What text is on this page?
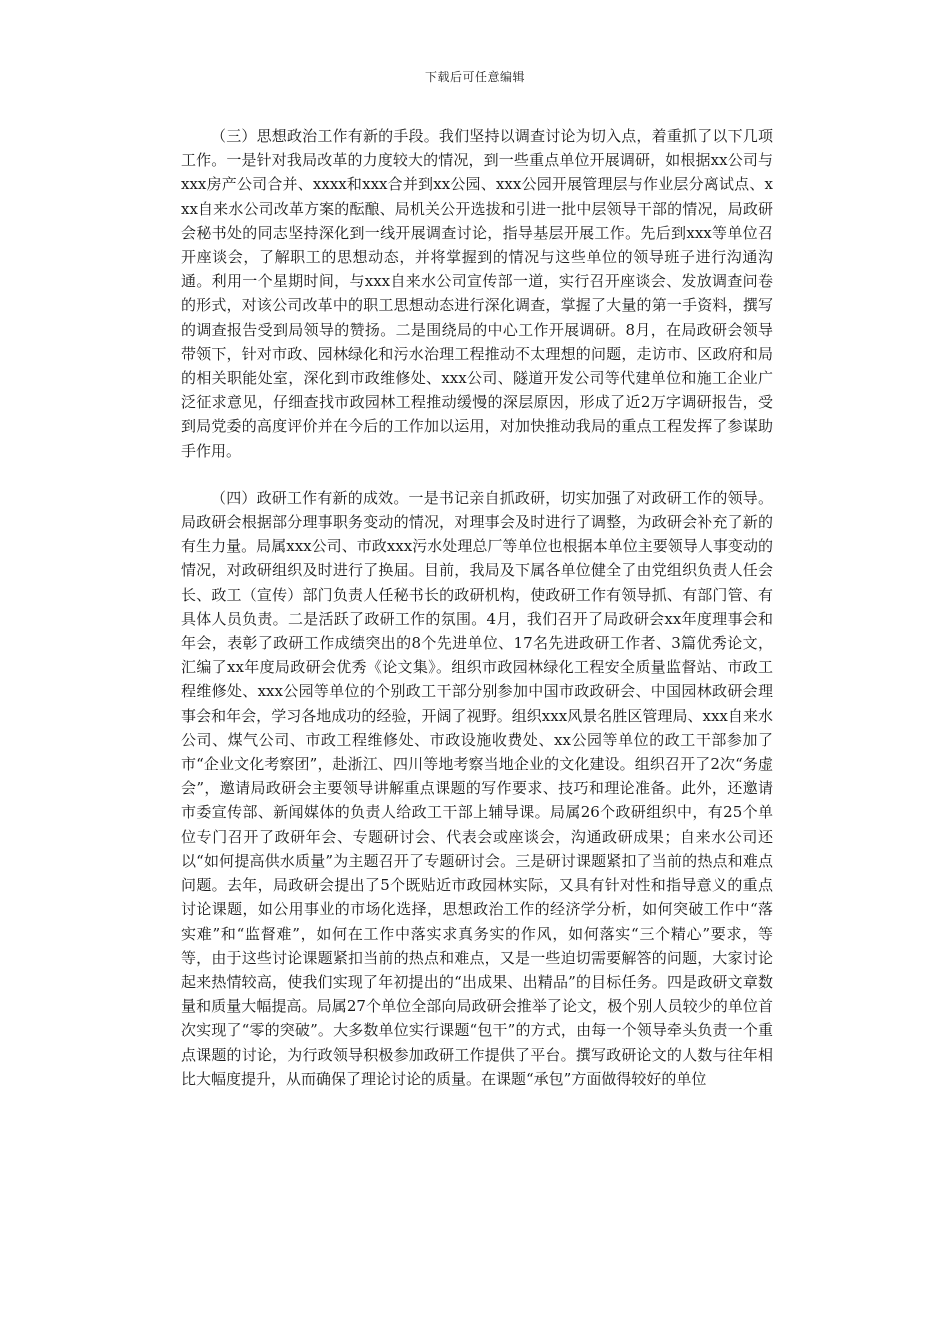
下载后可任意编辑

（三）思想政治工作有新的手段。我们坚持以调查讨论为切入点，着重抓了以下几项工作。一是针对我局改革的力度较大的情况，到一些重点单位开展调研，如根据xx公司与xxx房产公司合并、xxxx和xxx合并到xx公园、xxx公园开展管理层与作业层分离试点、xxx自来水公司改革方案的酝酿、局机关公开选拔和引进一批中层领导干部的情况，局政研会秘书处的同志坚持深化到一线开展调查讨论，指导基层开展工作。先后到xxx等单位召开座谈会，了解职工的思想动态，并将掌握到的情况与这些单位的领导班子进行沟通沟通。利用一个星期时间，与xxx自来水公司宣传部一道，实行召开座谈会、发放调查问卷的形式，对该公司改革中的职工思想动态进行深化调查，掌握了大量的第一手资料，撰写的调查报告受到局领导的赞扬。二是围绕局的中心工作开展调研。8月，在局政研会领导带领下，针对市政、园林绿化和污水治理工程推动不太理想的问题，走访市、区政府和局的相关职能处室，深化到市政维修处、xxx公司、隧道开发公司等代建单位和施工企业广泛征求意见，仔细查找市政园林工程推动缓慢的深层原因，形成了近2万字调研报告，受到局党委的高度评价并在今后的工作加以运用，对加快推动我局的重点工程发挥了参谋助手作用。

（四）政研工作有新的成效。一是书记亲自抓政研，切实加强了对政研工作的领导。局政研会根据部分理事职务变动的情况，对理事会及时进行了调整，为政研会补充了新的有生力量。局属xxx公司、市政xxx污水处理总厂等单位也根据本单位主要领导人事变动的情况，对政研组织及时进行了换届。目前，我局及下属各单位健全了由党组织负责人任会长、政工（宣传）部门负责人任秘书长的政研机构，使政研工作有领导抓、有部门管、有具体人员负责。二是活跃了政研工作的氛围。4月，我们召开了局政研会xx年度理事会和年会，表彰了政研工作成绩突出的8个先进单位、17名先进政研工作者、3篇优秀论文，汇编了xx年度局政研会优秀《论文集》。组织市政园林绿化工程安全质量监督站、市政工程维修处、xxx公园等单位的个别政工干部分别参加中国市政政研会、中国园林政研会理事会和年会，学习各地成功的经验，开阔了视野。组织xxx风景名胜区管理局、xxx自来水公司、煤气公司、市政工程维修处、市政设施收费处、xx公园等单位的政工干部参加了市“企业文化考察团”，赴浙江、四川等地考察当地企业的文化建设。组织召开了2次“务虚会”，邀请局政研会主要领导讲解重点课题的写作要求、技巧和理论准备。此外，还邀请市委宣传部、新闻媒体的负责人给政工干部上辅导课。局属26个政研组织中，有25个单位专门召开了政研年会、专题研讨会、代表会或座谈会，沟通政研成果；自来水公司还以“如何提高供水质量”为主题召开了专题研讨会。三是研讨课题紧扣了当前的热点和难点问题。去年，局政研会提出了5个既贴近市政园林实际，又具有针对性和指导意义的重点讨论课题，如公用事业的市场化选择，思想政治工作的经济学分析，如何突破工作中“落实难”和“监督难”，如何在工作中落实求真务实的作风，如何落实“三个精心”要求，等等，由于这些讨论课题紧扣当前的热点和难点，又是一些迫切需要解答的问题，大家讨论起来热情较高，使我们实现了年初提出的“出成果、出精品”的目标任务。四是政研文章数量和质量大幅提高。局属27个单位全部向局政研会推举了论文，极个别人员较少的单位首次实现了“零的突破”。大多数单位实行课题“包干”的方式，由每一个领导牵头负责一个重点课题的讨论，为行政领导积极参加政研工作提供了平台。撰写政研论文的人数与往年相比大幅度提升，从而确保了理论讨论的质量。在课题“承包”方面做得较好的单位
